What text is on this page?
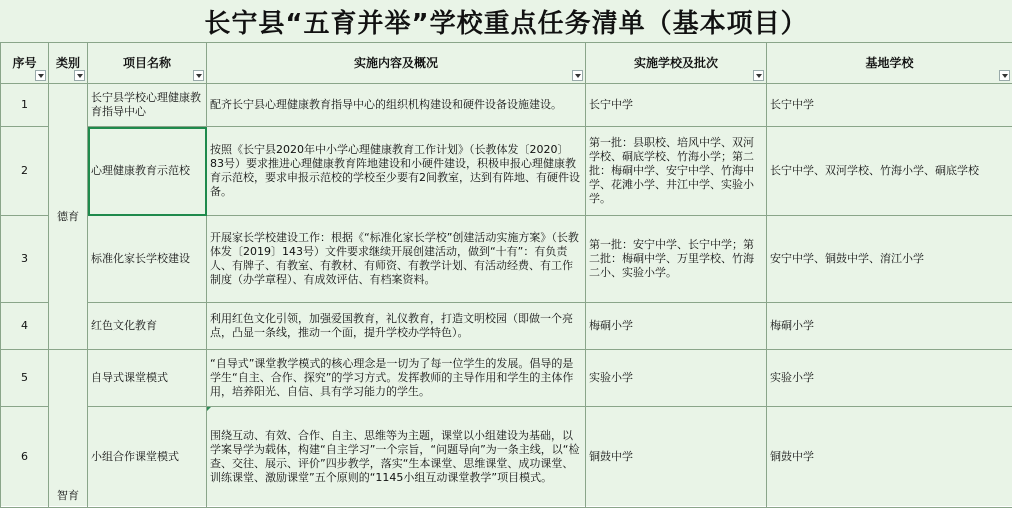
长宁县“五育并举”学校重点任务清单（基本项目）
序号	类别	项目名称	实施内容及概况	实施学校及批次	基地学校

1	德育	长宁县学校心理健康教育指导中心	配齐长宁县心理健康教育指导中心的组织机构建设和硬件设备设施建设。	长宁中学	长宁中学
2		心理健康教育示范校	按照《长宁县2020年中小学心理健康教育工作计划》（长教体发〔2020〕83号）要求推进心理健康教育阵地建设和小硬件建设，积极申报心理健康教育示范校，要求申报示范校的学校至少要有2间教室，达到有阵地、有硬件设备。	第一批：县职校、培风中学、双河学校、硐底学校、竹海小学；第二批：梅硐中学、安宁中学、竹海中学、花滩小学、井江中学、实验小学。	长宁中学、双河学校、竹海小学、硐底学校
3		标准化家长学校建设	开展家长学校建设工作：根据《“标准化家长学校”创建活动实施方案》（长教体发〔2019〕143号）文件要求继续开展创建活动，做到“十有”：有负责人、有牌子、有教室、有教材、有师资、有教学计划、有活动经费、有工作制度（办学章程）、有成效评估、有档案资料。	第一批：安宁中学、长宁中学；第二批：梅硐中学、万里学校、竹海二小、实验小学。	安宁中学、铜鼓中学、淯江小学
4		红色文化教育	利用红色文化引领，加强爱国教育，礼仪教育，打造文明校园（即做一个亮点，凸显一条线，推动一个面，提升学校办学特色）。	梅硐小学	梅硐小学
5	智育	自导式课堂模式	“自导式”课堂教学模式的核心理念是一切为了每一位学生的发展。倡导的是学生“自主、合作、探究”的学习方式。发挥教师的主导作用和学生的主体作用，培养阳光、自信、具有学习能力的学生。	实验小学	实验小学
6		小组合作课堂模式	围绕互动、有效、合作、自主、思维等为主题，课堂以小组建设为基础，以学案导学为载体，构建“自主学习”一个宗旨，“问题导向”为一条主线，以“检查、交往、展示、评价”四步教学，落实“生本课堂、思维课堂、成功课堂、训练课堂、激励课堂”五个原则的“1145小组互动课堂教学”项目模式。	铜鼓中学	铜鼓中学
